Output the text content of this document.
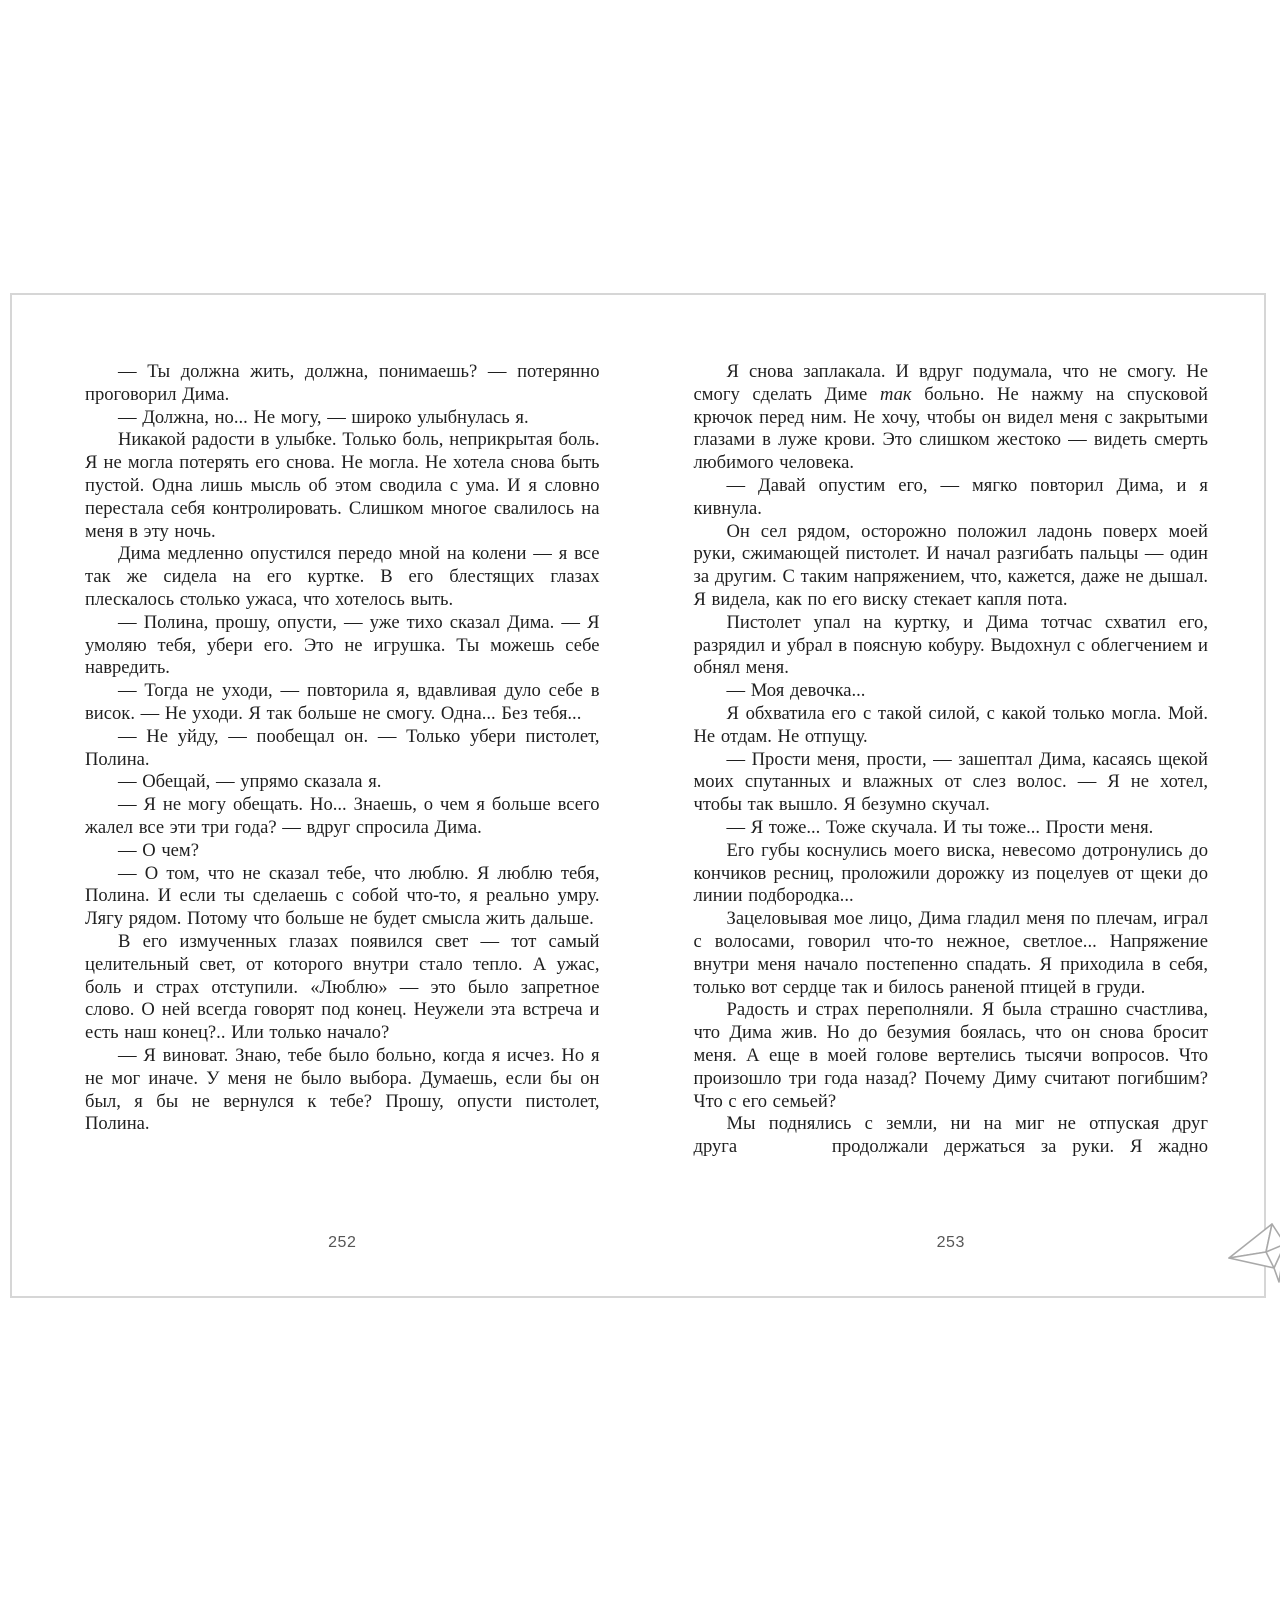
— Ты должна жить, должна, понимаешь? — потерянно проговорил Дима.

— Должна, но... Не могу, — широко улыбнулась я.

Никакой радости в улыбке. Только боль, неприкрытая боль. Я не могла потерять его снова. Не могла. Не хотела снова быть пустой. Одна лишь мысль об этом сводила с ума. И я словно перестала себя контролировать. Слишком многое свалилось на меня в эту ночь.

Дима медленно опустился передо мной на колени — я все так же сидела на его куртке. В его блестящих глазах плескалось столько ужаса, что хотелось выть.

— Полина, прошу, опусти, — уже тихо сказал Дима. — Я умоляю тебя, убери его. Это не игрушка. Ты можешь себе навредить.

— Тогда не уходи, — повторила я, вдавливая дуло себе в висок. — Не уходи. Я так больше не смогу. Одна... Без тебя...

— Не уйду, — пообещал он. — Только убери пистолет, Полина.

— Обещай, — упрямо сказала я.

— Я не могу обещать. Но... Знаешь, о чем я больше всего жалел все эти три года? — вдруг спросила Дима.

— О чем?

— О том, что не сказал тебе, что люблю. Я люблю тебя, Полина. И если ты сделаешь с собой что-то, я реально умру. Лягу рядом. Потому что больше не будет смысла жить дальше.

В его измученных глазах появился свет — тот самый целительный свет, от которого внутри стало тепло. А ужас, боль и страх отступили. «Люблю» — это было запретное слово. О ней всегда говорят под конец. Неужели эта встреча и есть наш конец?.. Или только начало?

— Я виноват. Знаю, тебе было больно, когда я исчез. Но я не мог иначе. У меня не было выбора. Думаешь, если бы он был, я бы не вернулся к тебе? Прошу, опусти пистолет, Полина.

252

Я снова заплакала. И вдруг подумала, что не смогу. Не смогу сделать Диме так больно. Не нажму на спусковой крючок перед ним. Не хочу, чтобы он видел меня с закрытыми глазами в луже крови. Это слишком жестоко — видеть смерть любимого человека.

— Давай опустим его, — мягко повторил Дима, и я кивнула.

Он сел рядом, осторожно положил ладонь поверх моей руки, сжимающей пистолет. И начал разгибать пальцы — один за другим. С таким напряжением, что, кажется, даже не дышал. Я видела, как по его виску стекает капля пота.

Пистолет упал на куртку, и Дима тотчас схватил его, разрядил и убрал в поясную кобуру. Выдохнул с облегчением и обнял меня.

— Моя девочка...

Я обхватила его с такой силой, с какой только могла. Мой. Не отдам. Не отпущу.

— Прости меня, прости, — зашептал Дима, касаясь щекой моих спутанных и влажных от слез волос. — Я не хотел, чтобы так вышло. Я безумно скучал.

— Я тоже... Тоже скучала. И ты тоже... Прости меня.

Его губы коснулись моего виска, невесомо дотронулись до кончиков ресниц, проложили дорожку из поцелуев от щеки до линии подбородка...

Зацеловывая мое лицо, Дима гладил меня по плечам, играл с волосами, говорил что-то нежное, светлое... Напряжение внутри меня начало постепенно спадать. Я приходила в себя, только вот сердце так и билось раненой птицей в груди.

Радость и страх переполняли. Я была страшно счастлива, что Дима жив. Но до безумия боялась, что он снова бросит меня. А еще в моей голове вертелись тысячи вопросов. Что произошло три года назад? Почему Диму считают погибшим? Что с его семьей?

Мы поднялись с земли, ни на миг не отпуская друг друга      продолжали держаться за руки. Я жадно

253
